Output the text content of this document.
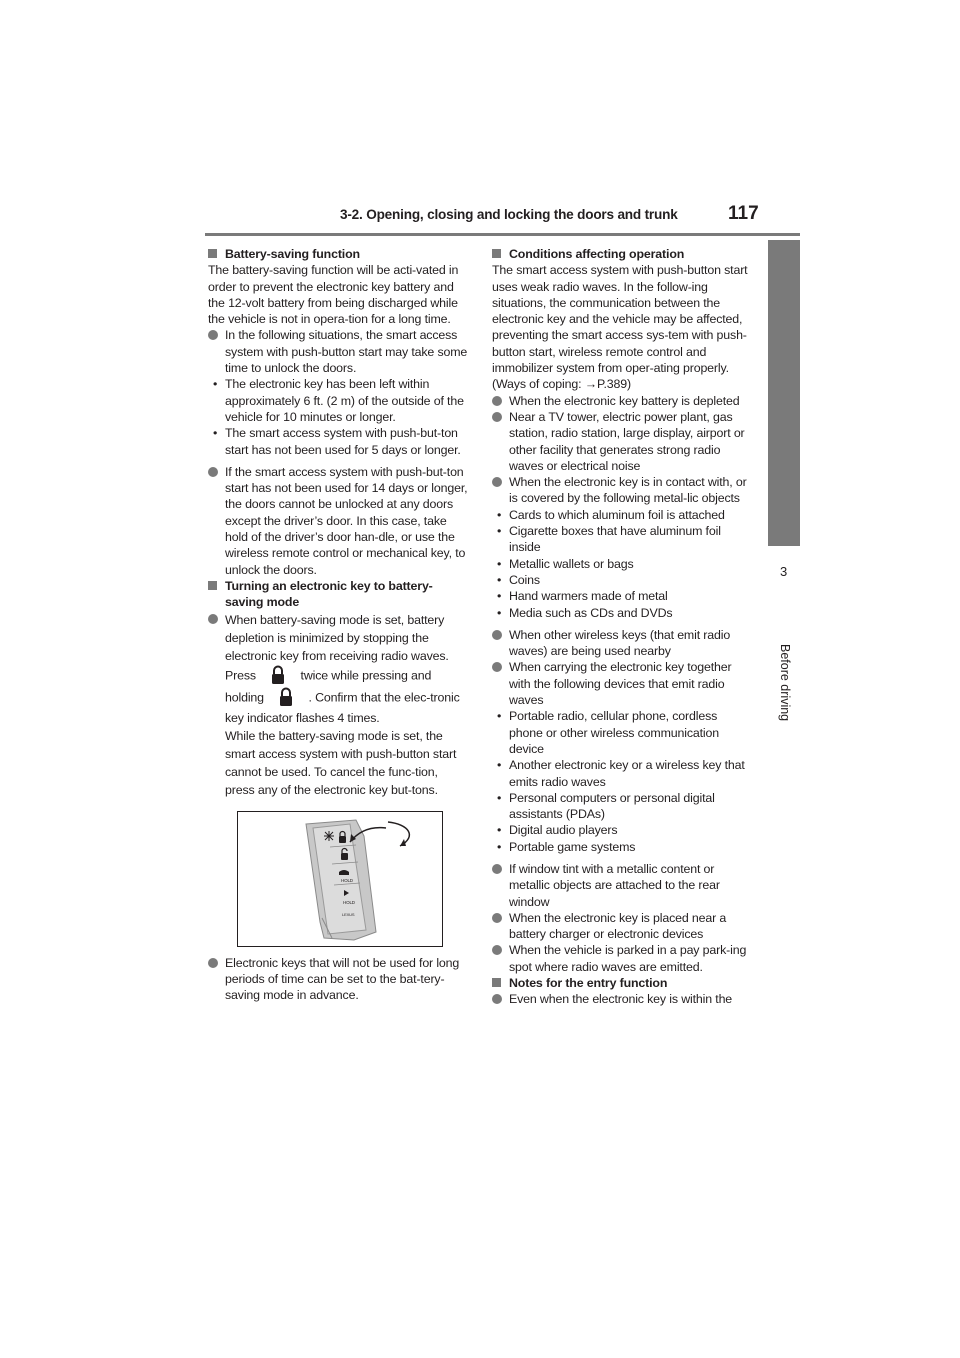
3-2. Opening, closing and locking the doors and trunk	117
3
Before driving

Battery-saving function

The battery-saving function will be acti-vated in order to prevent the electronic key battery and the 12-volt battery from being discharged while the vehicle is not in opera-tion for a long time.

In the following situations, the smart access system with push-button start may take some time to unlock the doors.

• The electronic key has been left within approximately 6 ft. (2 m) of the outside of the vehicle for 10 minutes or longer.

• The smart access system with push-but-ton start has not been used for 5 days or longer.

If the smart access system with push-but-ton start has not been used for 14 days or longer, the doors cannot be unlocked at any doors except the driver’s door. In this case, take hold of the driver’s door han-dle, or use the wireless remote control or mechanical key, to unlock the doors.

Turning an electronic key to battery-saving mode

When battery-saving mode is set, battery depletion is minimized by stopping the electronic key from receiving radio waves.

Press	twice while pressing and
holding	. Confirm that the elec-tronic key indicator flashes 4 times.

While the battery-saving mode is set, the smart access system with push-button start cannot be used. To cancel the func-tion, press any of the electronic key but-tons.

HOLD
HOLD
LEXUS

Electronic keys that will not be used for long periods of time can be set to the bat-tery-saving mode in advance.

Conditions affecting operation

The smart access system with push-button start uses weak radio waves. In the follow-ing situations, the communication between the electronic key and the vehicle may be affected, preventing the smart access sys-tem with push-button start, wireless remote control and immobilizer system from oper-ating properly.

(Ways of coping: →P.389)

When the electronic key battery is depleted

Near a TV tower, electric power plant, gas station, radio station, large display, airport or other facility that generates strong radio waves or electrical noise

When the electronic key is in contact with, or is covered by the following metal-lic objects

• Cards to which aluminum foil is attached

• Cigarette boxes that have aluminum foil inside

• Metallic wallets or bags

• Coins

• Hand warmers made of metal

• Media such as CDs and DVDs

When other wireless keys (that emit radio waves) are being used nearby

When carrying the electronic key together with the following devices that emit radio waves

• Portable radio, cellular phone, cordless phone or other wireless communication device

• Another electronic key or a wireless key that emits radio waves

• Personal computers or personal digital assistants (PDAs)

• Digital audio players

• Portable game systems

If window tint with a metallic content or metallic objects are attached to the rear window

When the electronic key is placed near a battery charger or electronic devices

When the vehicle is parked in a pay park-ing spot where radio waves are emitted.

Notes for the entry function

Even when the electronic key is within the
